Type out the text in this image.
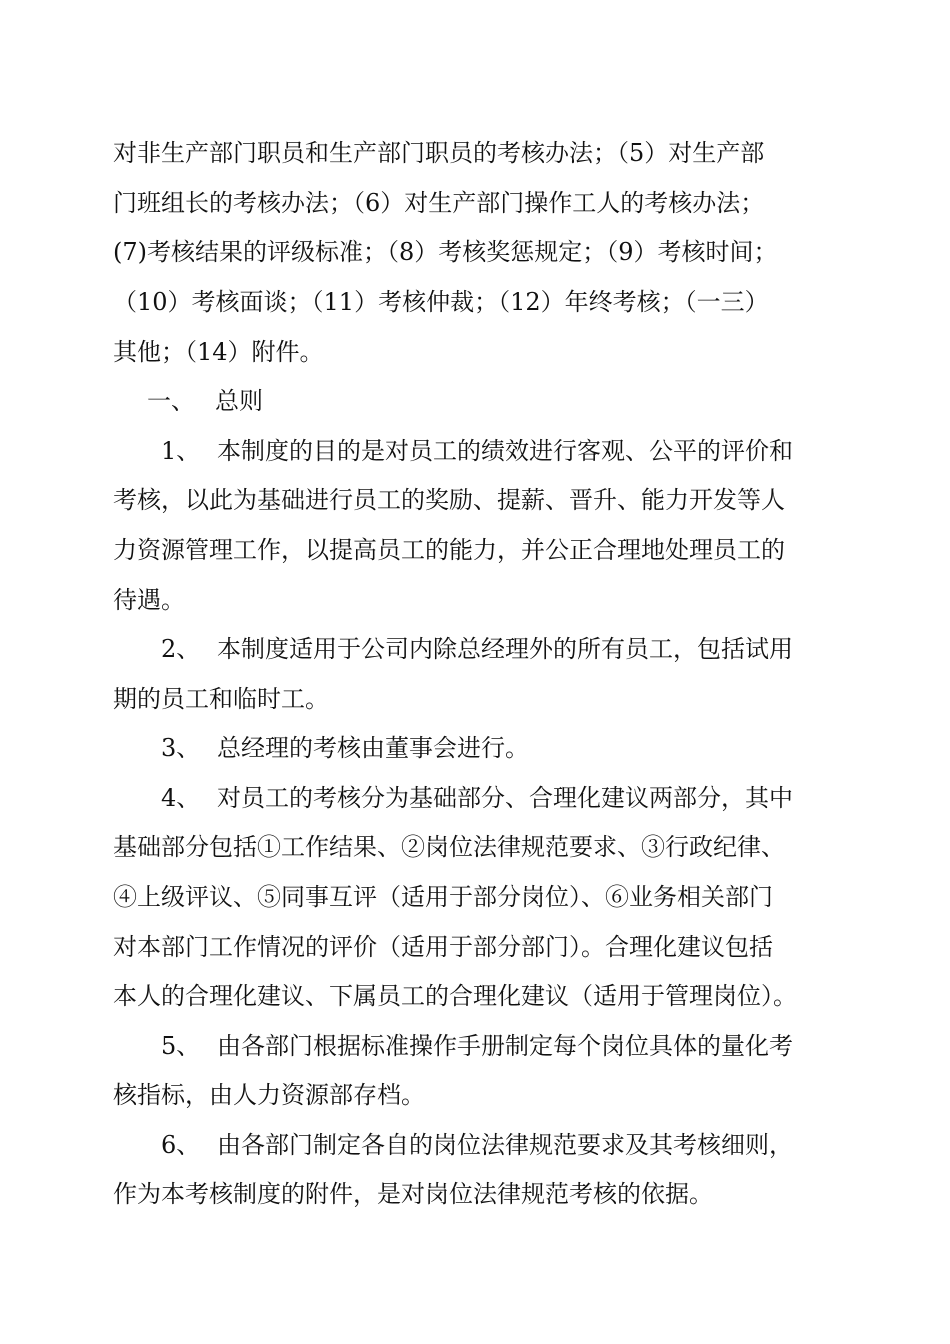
对非生产部门职员和生产部门职员的考核办法；（5）对生产部
门班组长的考核办法；（6）对生产部门操作工人的考核办法；
(7)考核结果的评级标准；（8）考核奖惩规定；（9）考核时间；
（10）考核面谈；（11）考核仲裁；（12）年终考核；（一三）
其他；（14）附件。
一、 总则
1、 本制度的目的是对员工的绩效进行客观、公平的评价和
考核，以此为基础进行员工的奖励、提薪、晋升、能力开发等人
力资源管理工作，以提高员工的能力，并公正合理地处理员工的
待遇。
2、 本制度适用于公司内除总经理外的所有员工，包括试用
期的员工和临时工。
3、 总经理的考核由董事会进行。
4、 对员工的考核分为基础部分、合理化建议两部分，其中
基础部分包括①工作结果、②岗位法律规范要求、③行政纪律、
④上级评议、⑤同事互评（适用于部分岗位）、⑥业务相关部门
对本部门工作情况的评价（适用于部分部门）。合理化建议包括
本人的合理化建议、下属员工的合理化建议（适用于管理岗位）。
5、 由各部门根据标准操作手册制定每个岗位具体的量化考
核指标，由人力资源部存档。
6、 由各部门制定各自的岗位法律规范要求及其考核细则，
作为本考核制度的附件，是对岗位法律规范考核的依据。
